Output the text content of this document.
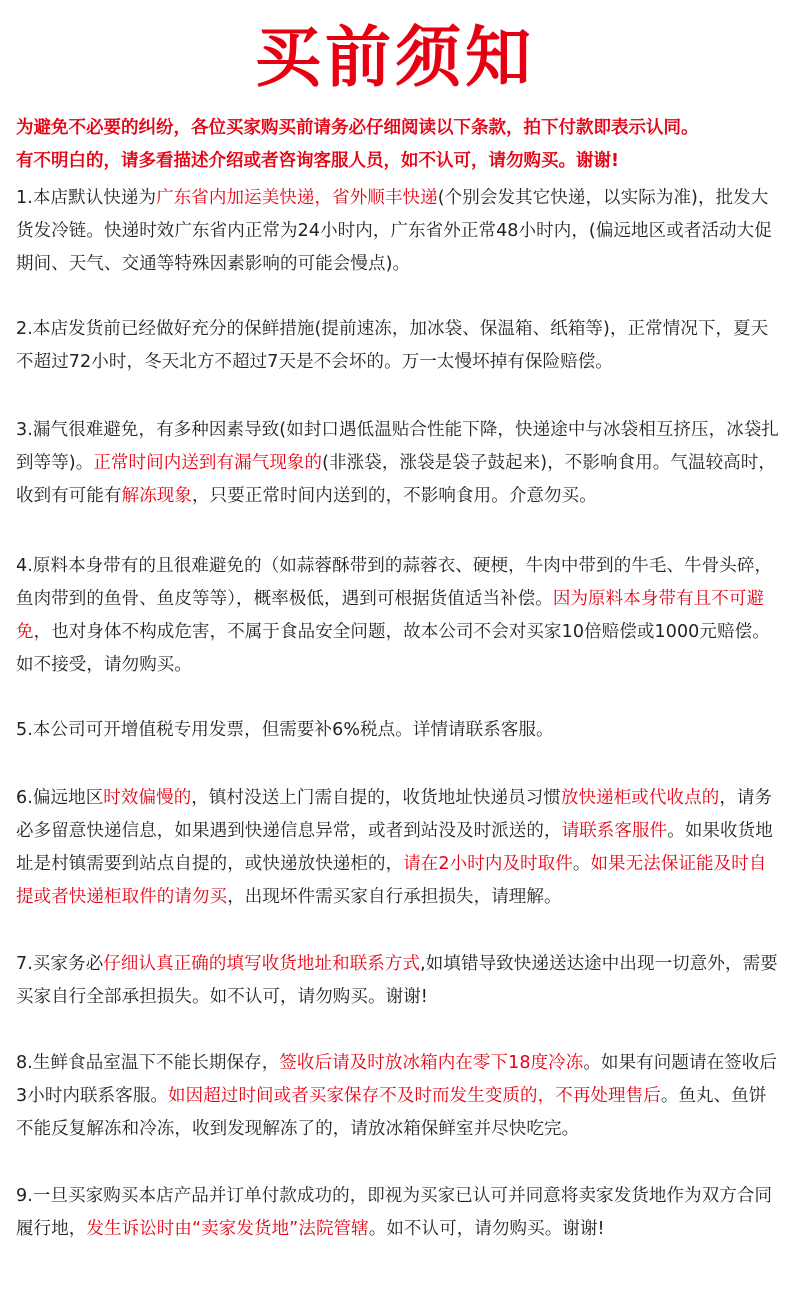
买前须知
为避免不必要的纠纷，各位买家购买前请务必仔细阅读以下条款，拍下付款即表示认同。
有不明白的，请多看描述介绍或者咨询客服人员，如不认可，请勿购买。谢谢!
1.本店默认快递为广东省内加运美快递，省外顺丰快递(个别会发其它快递，以实际为准)，批发大货发冷链。快递时效广东省内正常为24小时内，广东省外正常48小时内，(偏远地区或者活动大促期间、天气、交通等特殊因素影响的可能会慢点)。
2.本店发货前已经做好充分的保鲜措施(提前速冻，加冰袋、保温箱、纸箱等)，正常情况下，夏天不超过72小时，冬天北方不超过7天是不会坏的。万一太慢坏掉有保险赔偿。
3.漏气很难避免，有多种因素导致(如封口遇低温贴合性能下降，快递途中与冰袋相互挤压，冰袋扎到等等)。正常时间内送到有漏气现象的(非涨袋，涨袋是袋子鼓起来)，不影响食用。气温较高时，收到有可能有解冻现象，只要正常时间内送到的，不影响食用。介意勿买。
4.原料本身带有的且很难避免的（如蒜蓉酥带到的蒜蓉衣、硬梗，牛肉中带到的牛毛、牛骨头碎，鱼肉带到的鱼骨、鱼皮等等），概率极低，遇到可根据货值适当补偿。因为原料本身带有且不可避免，也对身体不构成危害，不属于食品安全问题，故本公司不会对买家10倍赔偿或1000元赔偿。如不接受，请勿购买。
5.本公司可开增值税专用发票，但需要补6%税点。详情请联系客服。
6.偏远地区时效偏慢的，镇村没送上门需自提的，收货地址快递员习惯放快递柜或代收点的，请务必多留意快递信息，如果遇到快递信息异常，或者到站没及时派送的，请联系客服件。如果收货地址是村镇需要到站点自提的，或快递放快递柜的，请在2小时内及时取件。如果无法保证能及时自提或者快递柜取件的请勿买，出现坏件需买家自行承担损失，请理解。
7.买家务必仔细认真正确的填写收货地址和联系方式,如填错导致快递送达途中出现一切意外，需要买家自行全部承担损失。如不认可，请勿购买。谢谢!
8.生鲜食品室温下不能长期保存，签收后请及时放冰箱内在零下18度冷冻。如果有问题请在签收后3小时内联系客服。如因超过时间或者买家保存不及时而发生变质的，不再处理售后。鱼丸、鱼饼不能反复解冻和冷冻，收到发现解冻了的，请放冰箱保鲜室并尽快吃完。
9.一旦买家购买本店产品并订单付款成功的，即视为买家已认可并同意将卖家发货地作为双方合同履行地，发生诉讼时由“卖家发货地”法院管辖。如不认可，请勿购买。谢谢!
